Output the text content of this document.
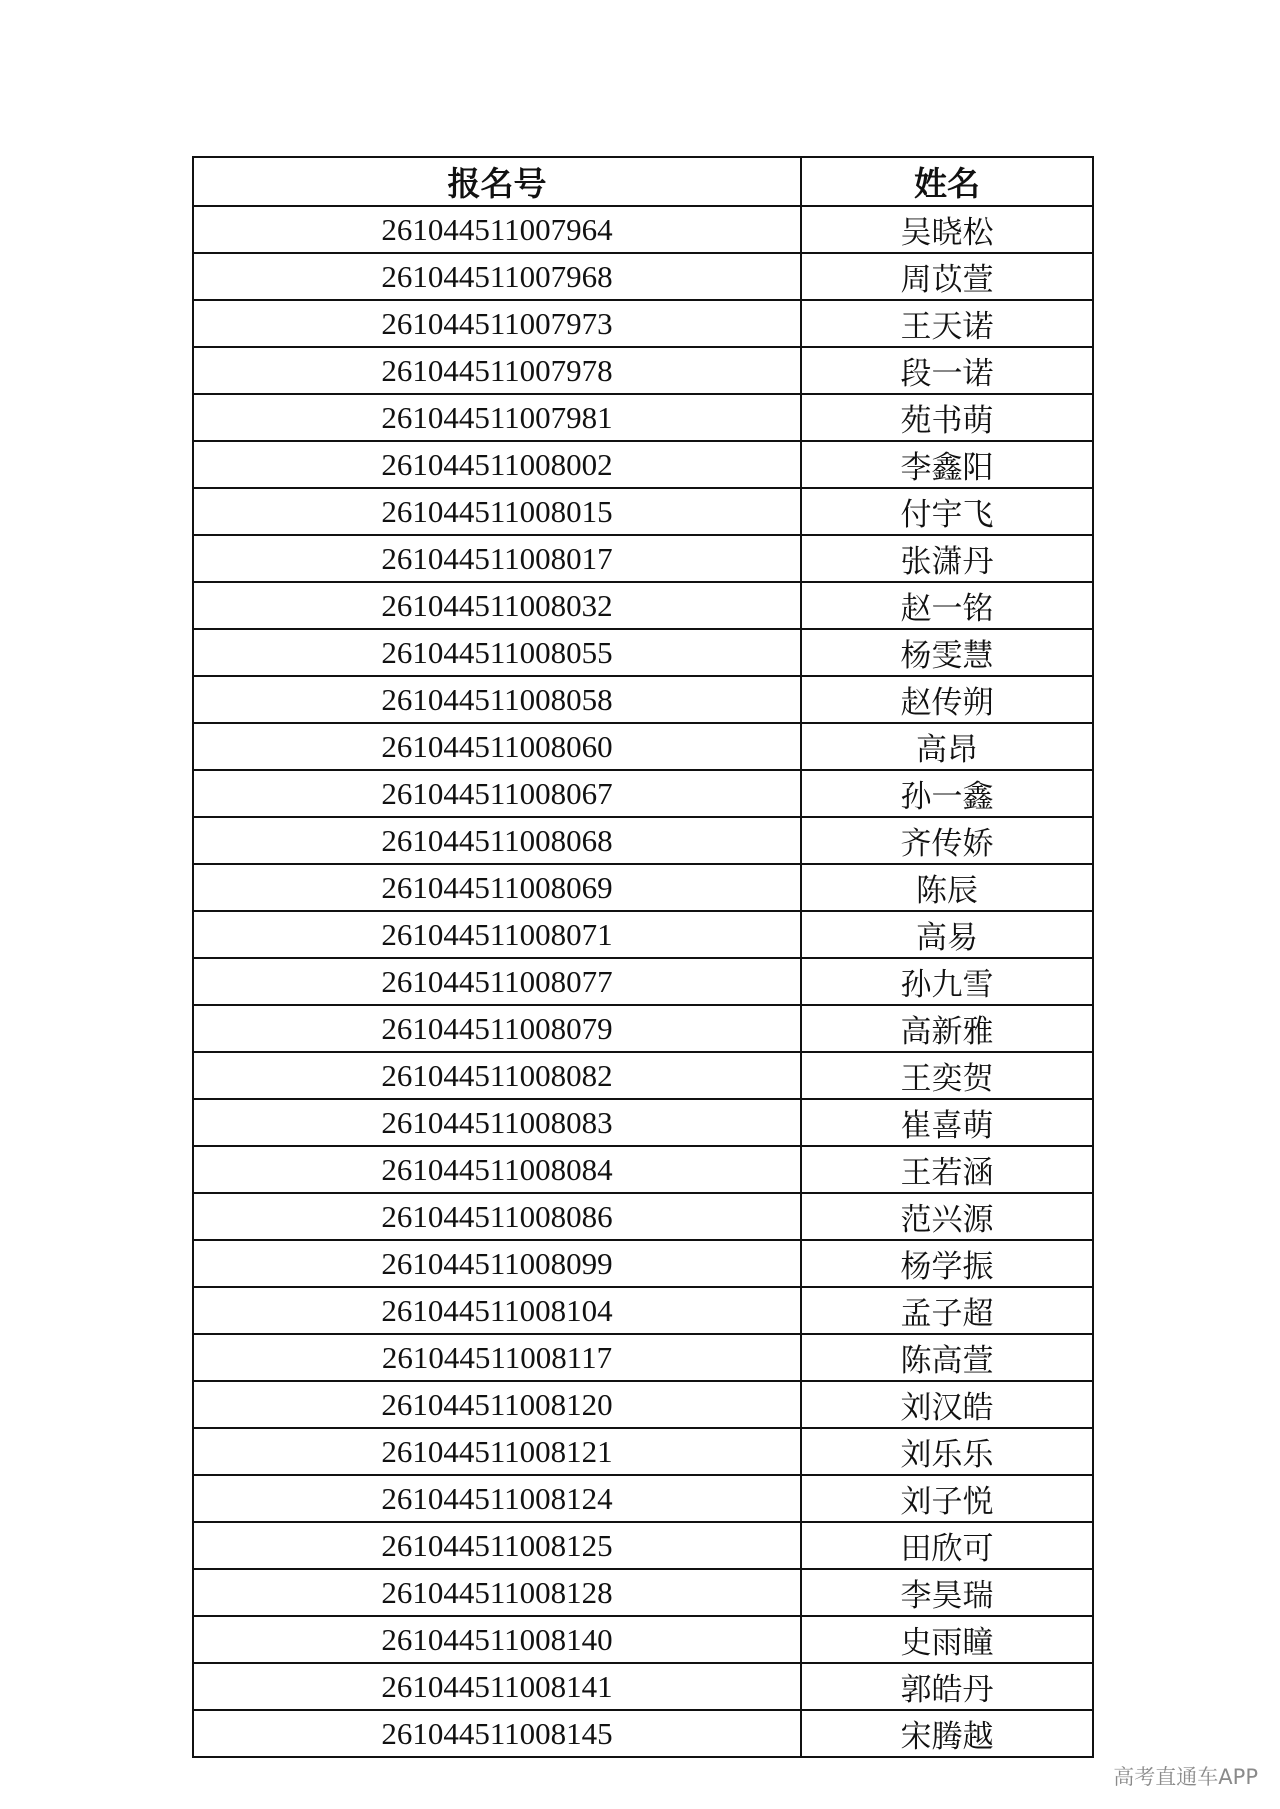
报名号	姓名
261044511007964	吴晓松
261044511007968	周苡萱
261044511007973	王天诺
261044511007978	段一诺
261044511007981	苑书萌
261044511008002	李鑫阳
261044511008015	付宇飞
261044511008017	张潇丹
261044511008032	赵一铭
261044511008055	杨雯慧
261044511008058	赵传朔
261044511008060	高昂
261044511008067	孙一鑫
261044511008068	齐传娇
261044511008069	陈辰
261044511008071	高易
261044511008077	孙九雪
261044511008079	高新雅
261044511008082	王奕贺
261044511008083	崔喜萌
261044511008084	王若涵
261044511008086	范兴源
261044511008099	杨学振
261044511008104	孟子超
261044511008117	陈高萱
261044511008120	刘汉皓
261044511008121	刘乐乐
261044511008124	刘子悦
261044511008125	田欣可
261044511008128	李昊瑞
261044511008140	史雨瞳
261044511008141	郭皓丹
261044511008145	宋腾越
高考直通车APP
